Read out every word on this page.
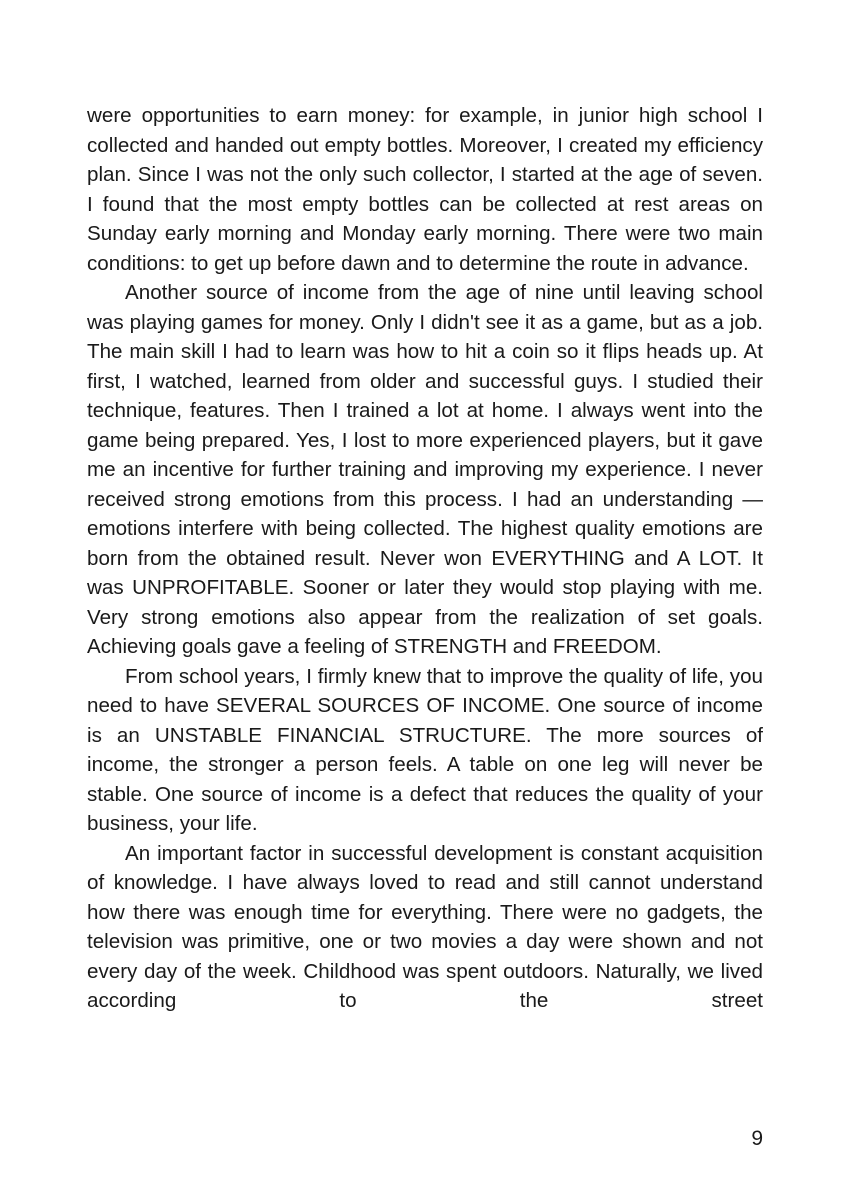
were opportunities to earn money: for example, in junior high school I collected and handed out empty bottles. Moreover, I created my efficiency plan. Since I was not the only such collector, I started at the age of seven. I found that the most empty bottles can be collected at rest areas on Sunday early morning and Monday early morning. There were two main conditions: to get up before dawn and to determine the route in advance.

Another source of income from the age of nine until leaving school was playing games for money. Only I didn't see it as a game, but as a job. The main skill I had to learn was how to hit a coin so it flips heads up. At first, I watched, learned from older and successful guys. I studied their technique, features. Then I trained a lot at home. I always went into the game being prepared. Yes, I lost to more experienced players, but it gave me an incentive for further training and improving my experience. I never received strong emotions from this process. I had an understanding — emotions interfere with being collected. The highest quality emotions are born from the obtained result. Never won EVERYTHING and A LOT. It was UNPROFITABLE. Sooner or later they would stop playing with me. Very strong emotions also appear from the realization of set goals. Achieving goals gave a feeling of STRENGTH and FREEDOM.

From school years, I firmly knew that to improve the quality of life, you need to have SEVERAL SOURCES OF INCOME. One source of income is an UNSTABLE FINANCIAL STRUCTURE. The more sources of income, the stronger a person feels. A table on one leg will never be stable. One source of income is a defect that reduces the quality of your business, your life.

An important factor in successful development is constant acquisition of knowledge. I have always loved to read and still cannot understand how there was enough time for everything. There were no gadgets, the television was primitive, one or two movies a day were shown and not every day of the week. Childhood was spent outdoors. Naturally, we lived according to the street

9
